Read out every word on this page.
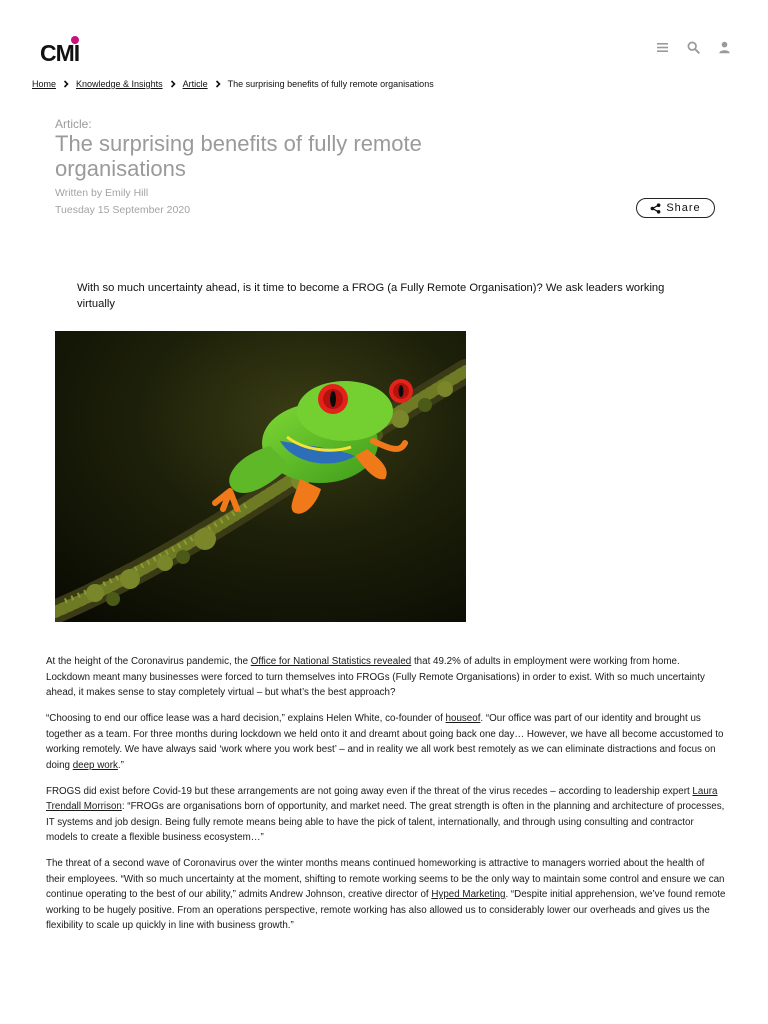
CMI
Home Knowledge & Insights Article The surprising benefits of fully remote organisations
Article:
The surprising benefits of fully remote organisations
Written by Emily Hill
Tuesday 15 September 2020	Share

With so much uncertainty ahead, is it time to become a FROG (a Fully Remote Organisation)? We ask leaders working virtually

At the height of the Coronavirus pandemic, the Office for National Statistics revealed that 49.2% of adults in employment were working from home. Lockdown meant many businesses were forced to turn themselves into FROGs (Fully Remote Organisations) in order to exist. With so much uncertainty ahead, it makes sense to stay completely virtual – but what’s the best approach?

“Choosing to end our office lease was a hard decision,” explains Helen White, co-founder of houseof. “Our office was part of our identity and brought us together as a team. For three months during lockdown we held onto it and dreamt about going back one day… However, we have all become accustomed to working remotely. We have always said ‘work where you work best’ – and in reality we all work best remotely as we can eliminate distractions and focus on doing deep work.”

FROGS did exist before Covid-19 but these arrangements are not going away even if the threat of the virus recedes – according to leadership expert Laura Trendall Morrison: “FROGs are organisations born of opportunity, and market need. The great strength is often in the planning and architecture of processes, IT systems and job design. Being fully remote means being able to have the pick of talent, internationally, and through using consulting and contractor models to create a flexible business ecosystem…”

The threat of a second wave of Coronavirus over the winter months means continued homeworking is attractive to managers worried about the health of their employees. “With so much uncertainty at the moment, shifting to remote working seems to be the only way to maintain some control and ensure we can continue operating to the best of our ability,” admits Andrew Johnson, creative director of Hyped Marketing. “Despite initial apprehension, we’ve found remote working to be hugely positive. From an operations perspective, remote working has also allowed us to considerably lower our overheads and gives us the flexibility to scale up quickly in line with business growth.”
